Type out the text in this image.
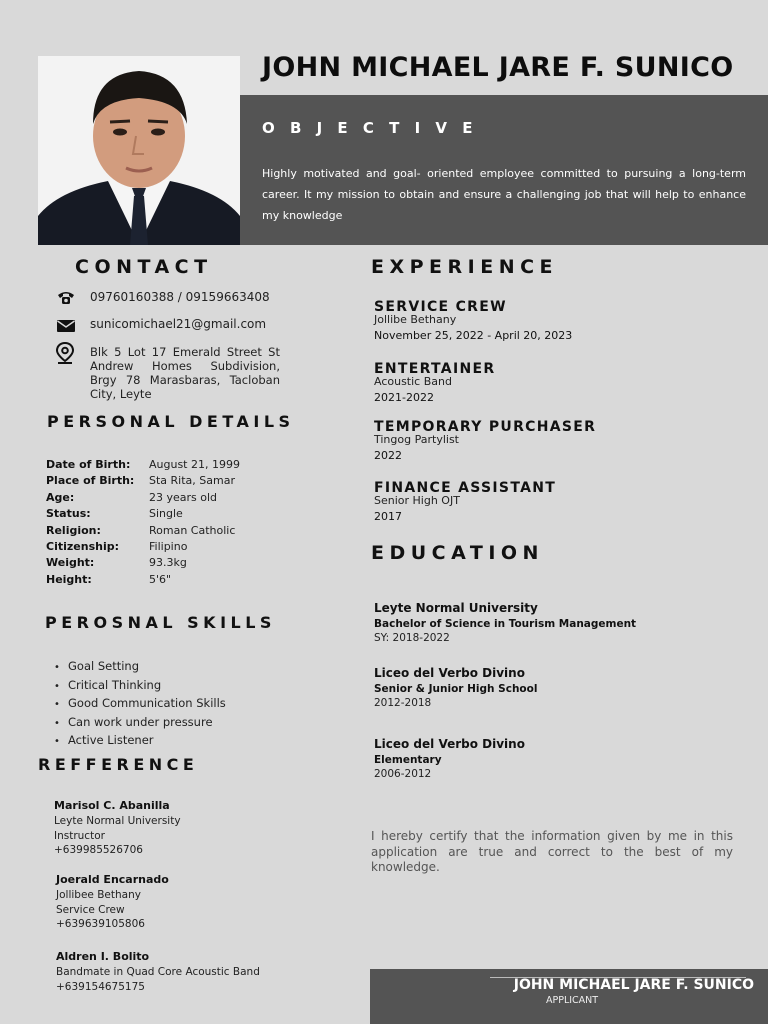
JOHN MICHAEL JARE F. SUNICO
O B J E C T I V E
Highly motivated and goal- oriented employee committed to pursuing a long-term career. It my mission to obtain and ensure a challenging job that will help to enhance my knowledge
CONTACT
09760160388 / 09159663408
sunicomichael21@gmail.com
Blk 5 Lot 17 Emerald Street St Andrew Homes Subdivision, Brgy 78 Marasbaras, Tacloban City, Leyte
PERSONAL DETAILS
Date of Birth: August 21, 1999
Place of Birth: Sta Rita, Samar
Age:	23 years old
Status:	Single
Religion:	Roman Catholic
Citizenship:	Filipino
Weight:	93.3kg
Height:	5'6"
PEROSNAL SKILLS
• Goal Setting
• Critical Thinking
• Good Communication Skills
• Can work under pressure
• Active Listener
REFFERENCE
Marisol C. Abanilla
Leyte Normal University
Instructor
+639985526706
Joerald Encarnado
Jollibee Bethany
Service Crew
+639639105806
Aldren I. Bolito
Bandmate in Quad Core Acoustic Band
+639154675175
EXPERIENCE
SERVICE CREW
Jollibe Bethany
November 25, 2022 - April 20, 2023
ENTERTAINER
Acoustic Band
2021-2022
TEMPORARY PURCHASER
Tingog Partylist
2022
FINANCE ASSISTANT
Senior High OJT
2017
EDUCATION
Leyte Normal University
Bachelor of Science in Tourism Management
SY: 2018-2022
Liceo del Verbo Divino
Senior & Junior High School
2012-2018
Liceo del Verbo Divino
Elementary
2006-2012
I hereby certify that the information given by me in this application are true and correct to the best of my knowledge.
JOHN MICHAEL JARE F. SUNICO
APPLICANT
